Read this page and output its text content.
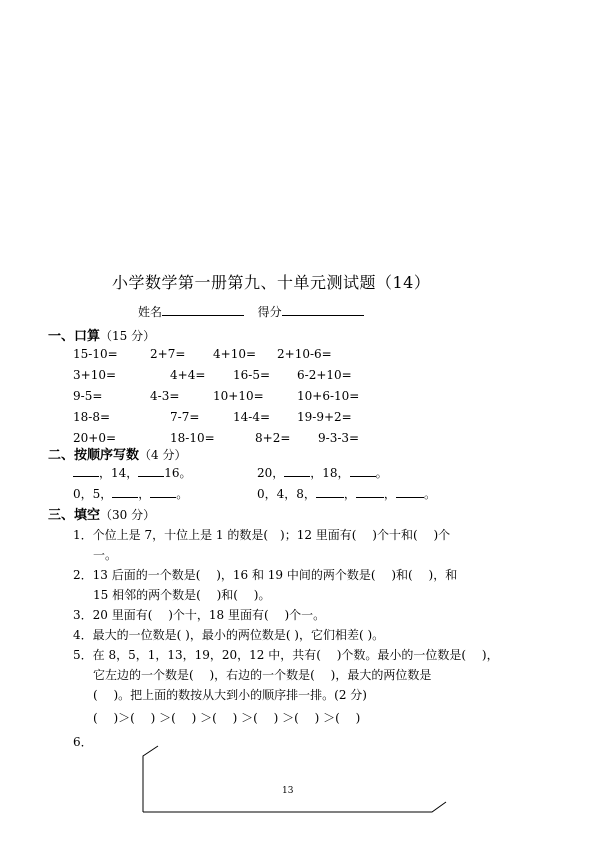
小学数学第一册第九、十单元测试题（14）
姓名	得分
一、口算（15 分）
15-10=	2+7= 4+10= 2+10-6=
3+10=	4+4= 16-5= 6-2+10=
9-5=	4-3=	10+10=	10+6-10=
18-8=	7-7=	14-4= 19-9+2=
20+0=	18-10=	8+2= 9-3-3=
二、按顺序写数（4 分）
，14， 16。	20， ，18， 。
0，5， ， 。	0，4，8， ， ， 。
三、填空（30 分）
1．个位上是 7，十位上是 1 的数是(　)；12 里面有(　 )个十和(　 )个
一。
2．13 后面的一个数是(　 )，16 和 19 中间的两个数是(　 )和(　 )，和
15 相邻的两个数是(　 )和(　 )。
3．20 里面有(　 )个十，18 里面有(　 )个一。
4．最大的一位数是( )，最小的两位数是( )，它们相差( )。
5．在 8，5，1，13，19，20，12 中，共有(　 )个数。最小的一位数是(　 )，
它左边的一个数是(　 )，右边的一个数是(　 )，最大的两位数是
(　 )。把上面的数按从大到小的顺序排一排。(2 分)
(　 )＞(　 ) ＞(　 ) ＞(　 ) ＞(　 ) ＞(　 ) ＞(　 )
6．
13
